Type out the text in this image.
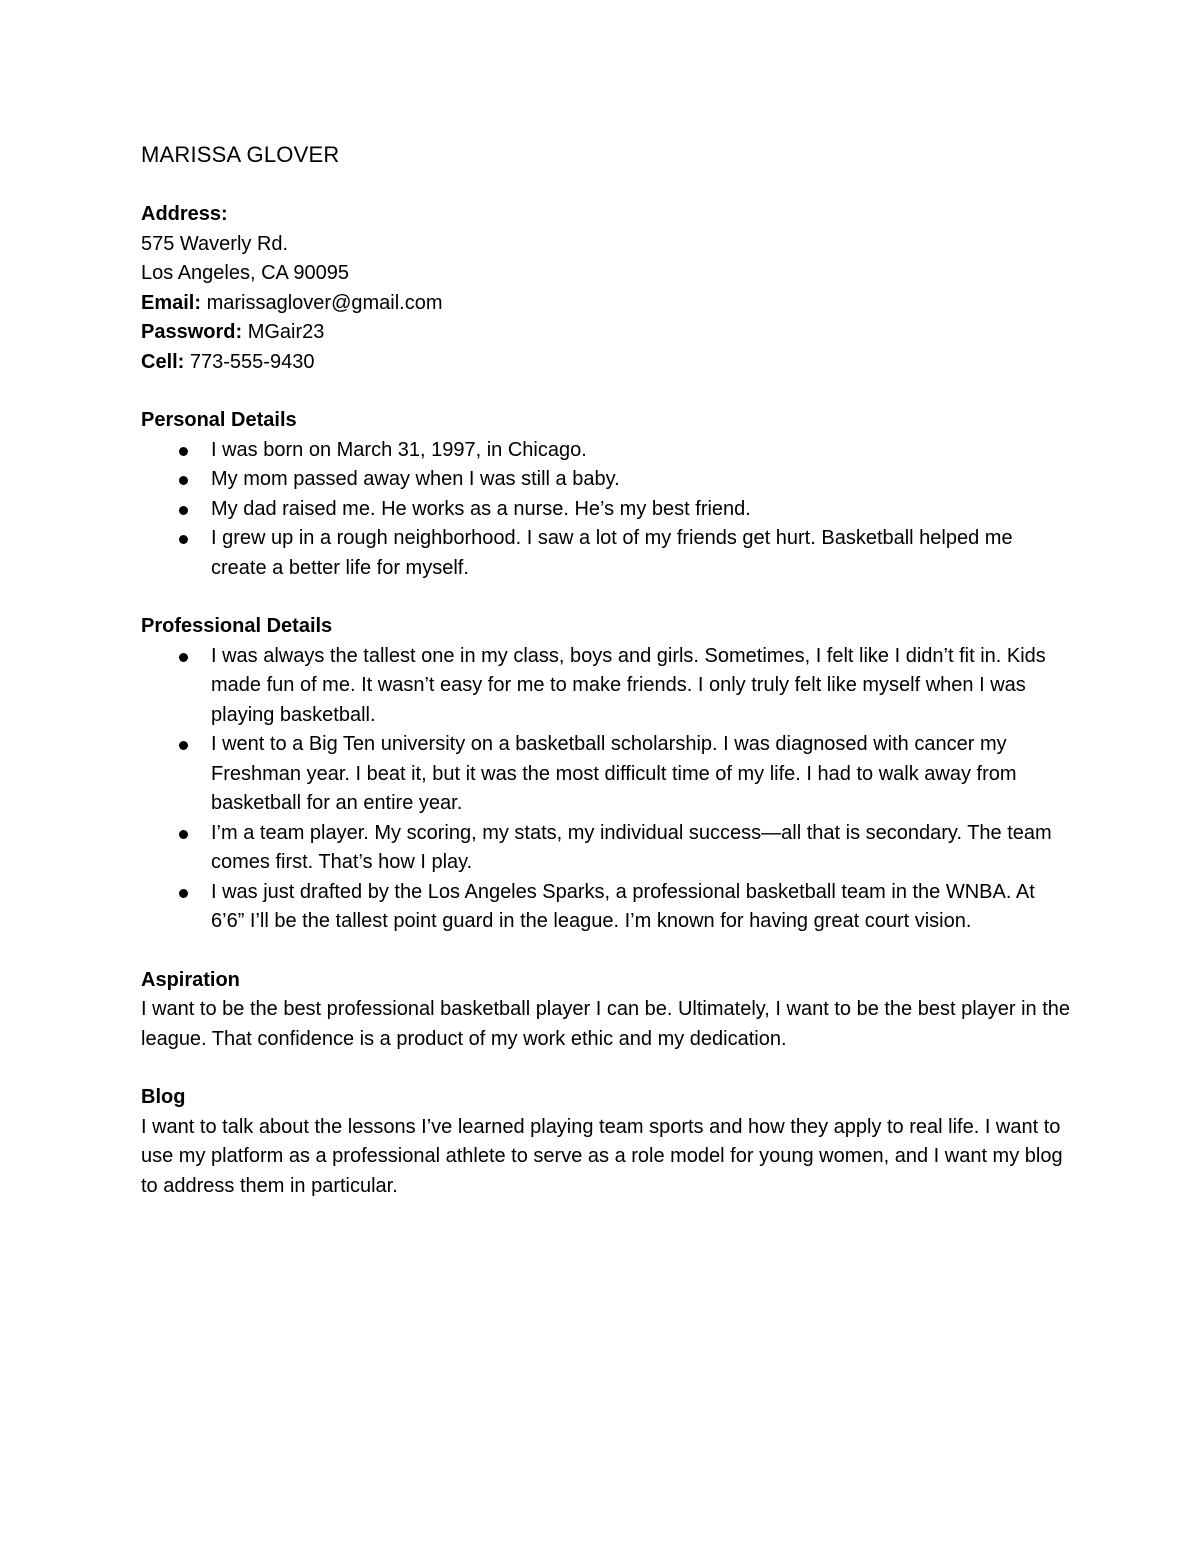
MARISSA GLOVER

Address:

575 Waverly Rd.

Los Angeles, CA 90095

Email: marissaglover@gmail.com

Password: MGair23

Cell: 773-555-9430

Personal Details

I was born on March 31, 1997, in Chicago.
My mom passed away when I was still a baby.
My dad raised me. He works as a nurse. He’s my best friend.
I grew up in a rough neighborhood. I saw a lot of my friends get hurt. Basketball helped me create a better life for myself.

Professional Details

I was always the tallest one in my class, boys and girls. Sometimes, I felt like I didn’t fit in. Kids made fun of me. It wasn’t easy for me to make friends. I only truly felt like myself when I was playing basketball.
I went to a Big Ten university on a basketball scholarship. I was diagnosed with cancer my Freshman year. I beat it, but it was the most difficult time of my life. I had to walk away from basketball for an entire year.
I’m a team player. My scoring, my stats, my individual success—all that is secondary. The team comes first. That’s how I play.
I was just drafted by the Los Angeles Sparks, a professional basketball team in the WNBA. At 6’6” I’ll be the tallest point guard in the league. I’m known for having great court vision.

Aspiration

I want to be the best professional basketball player I can be. Ultimately, I want to be the best player in the league. That confidence is a product of my work ethic and my dedication.

Blog

I want to talk about the lessons I’ve learned playing team sports and how they apply to real life. I want to use my platform as a professional athlete to serve as a role model for young women, and I want my blog to address them in particular.
